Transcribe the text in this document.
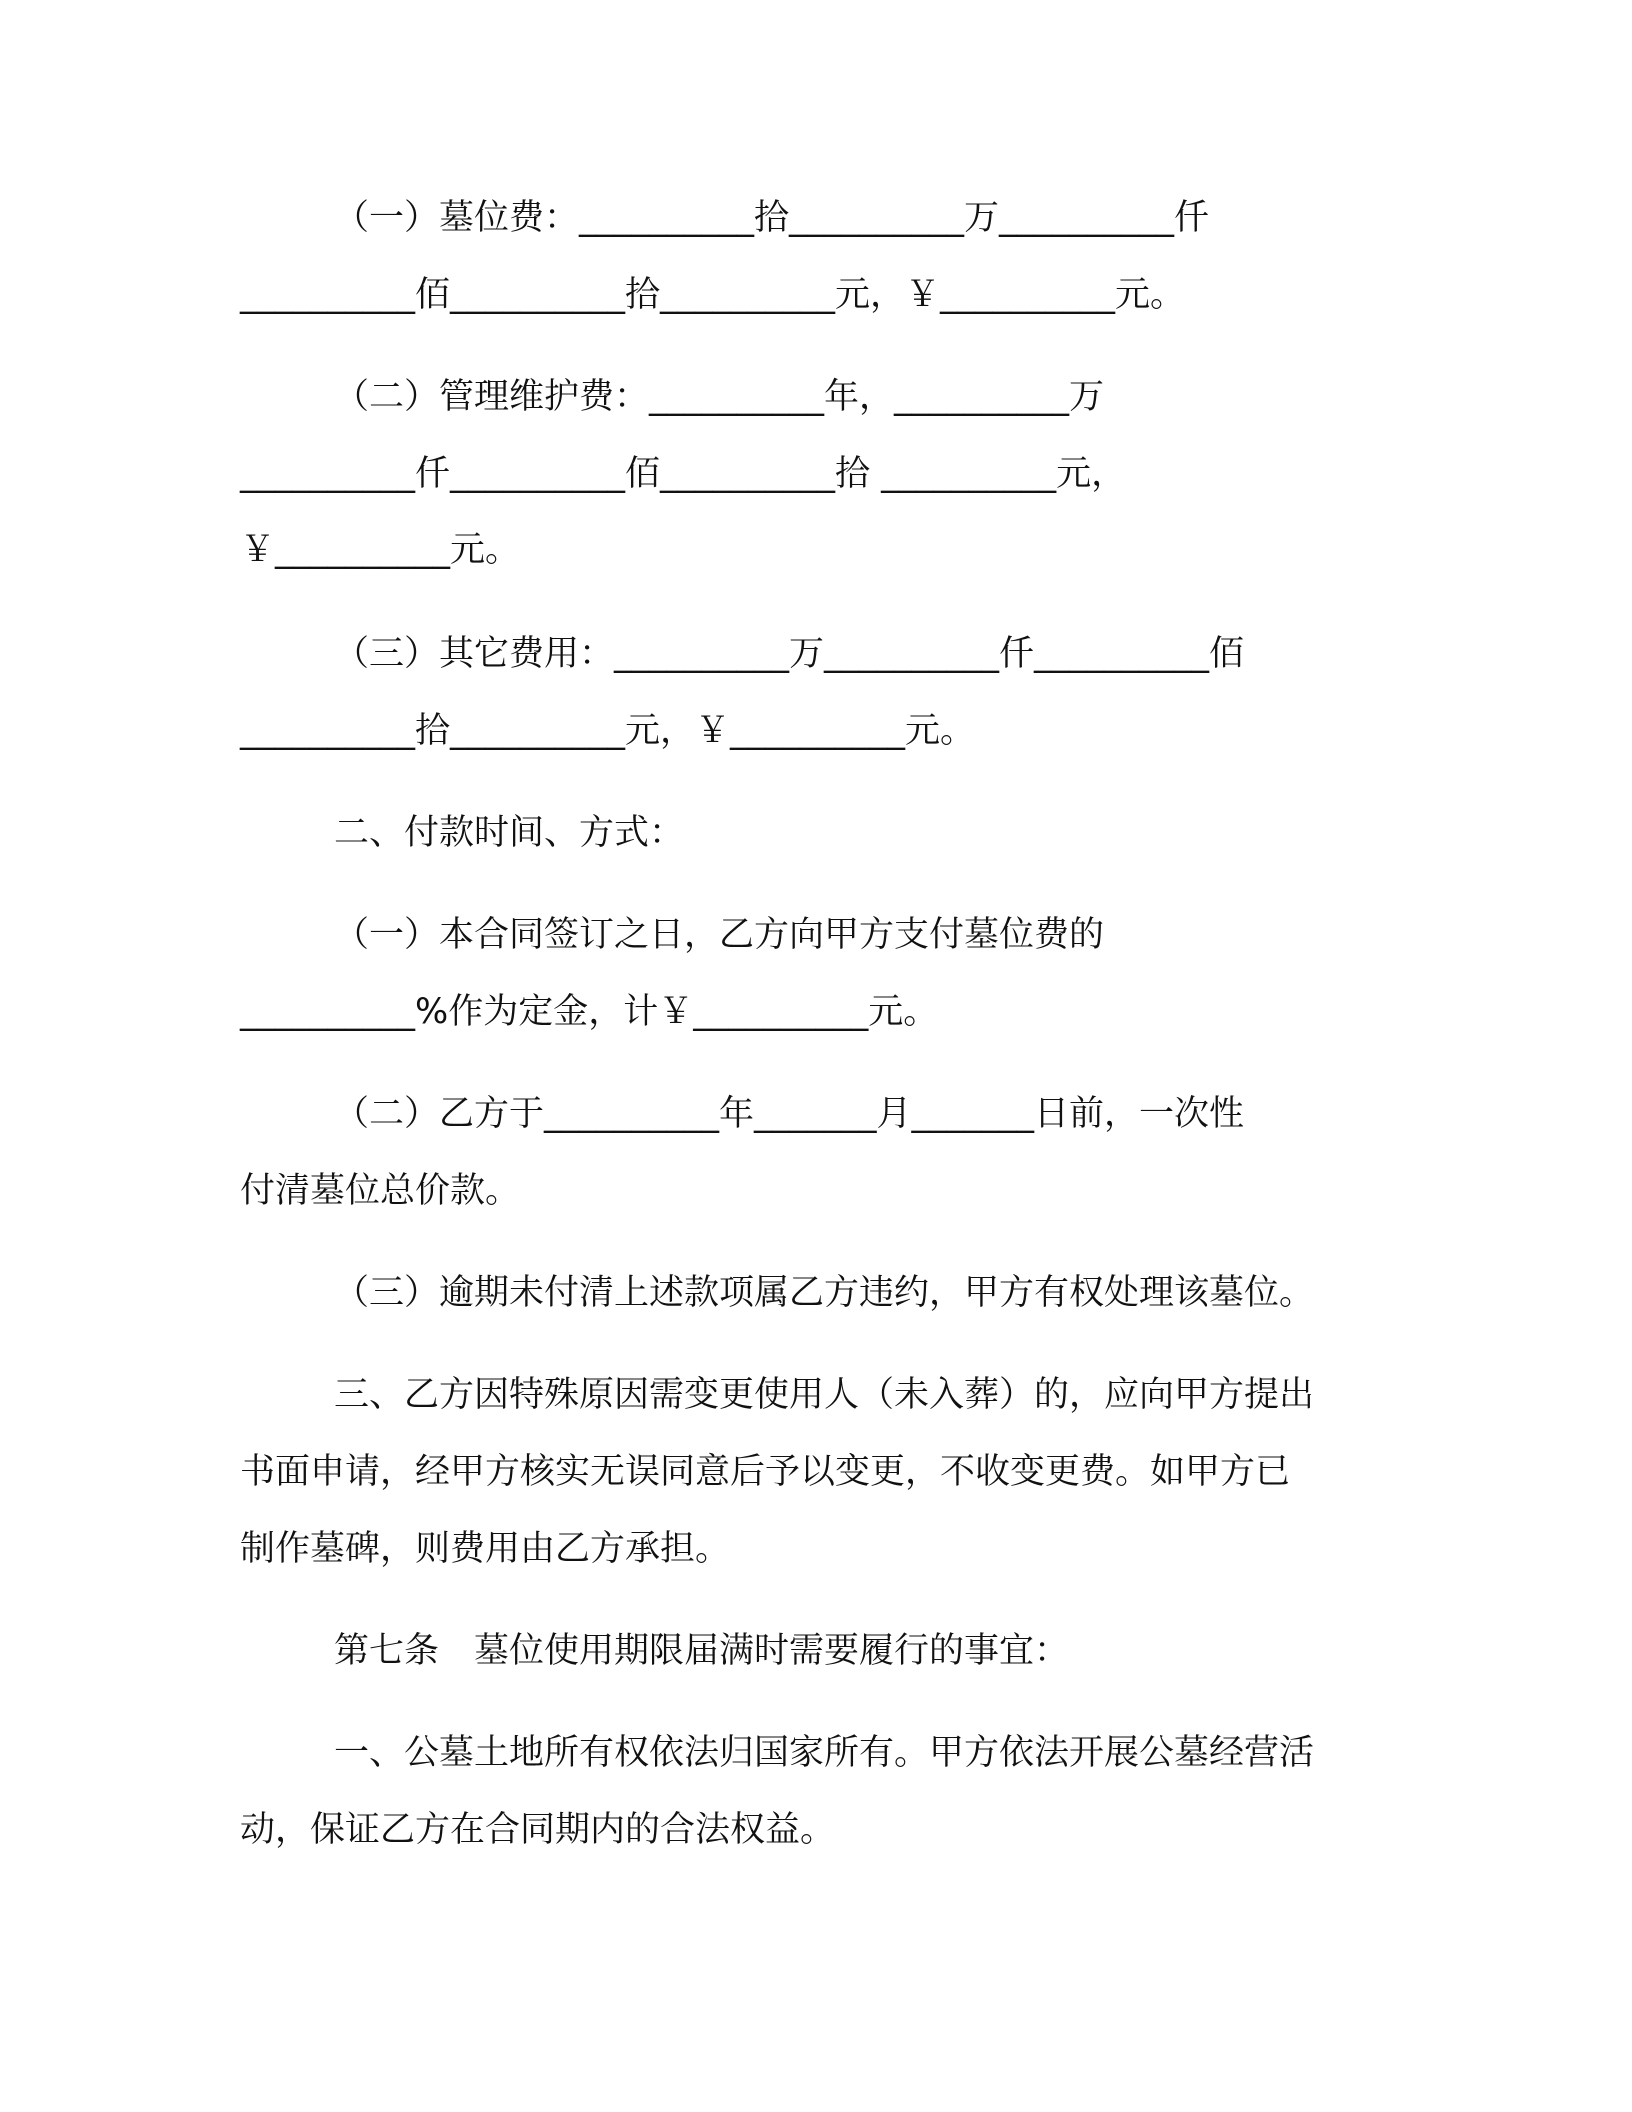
（一）墓位费：__________拾__________万__________仟

__________佰__________拾__________元，￥__________元。

（二）管理维护费：__________年，__________万

__________仟__________佰__________拾 __________元，

￥__________元。

（三）其它费用：__________万__________仟__________佰

__________拾__________元，￥__________元。

二、付款时间、方式：

（一）本合同签订之日，乙方向甲方支付墓位费的

__________%作为定金，计￥__________元。

（二）乙方于__________年_______月_______日前，一次性

付清墓位总价款。

（三）逾期未付清上述款项属乙方违约，甲方有权处理该墓位。

三、乙方因特殊原因需变更使用人（未入葬）的，应向甲方提出

书面申请，经甲方核实无误同意后予以变更，不收变更费。如甲方已

制作墓碑，则费用由乙方承担。

第七条　墓位使用期限届满时需要履行的事宜：

一、公墓土地所有权依法归国家所有。甲方依法开展公墓经营活

动，保证乙方在合同期内的合法权益。
